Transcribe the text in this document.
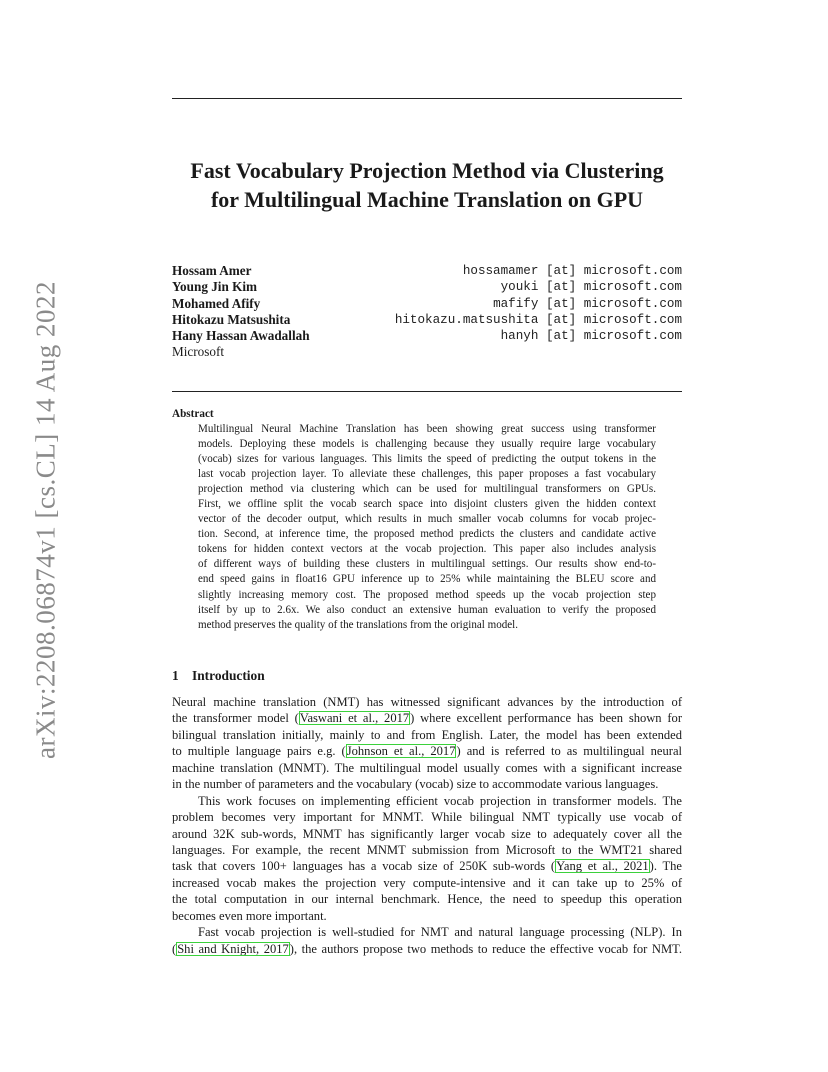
arXiv:2208.06874v1 [cs.CL] 14 Aug 2022
Fast Vocabulary Projection Method via Clustering
for Multilingual Machine Translation on GPU
Hossam Amer	hossamamer [at] microsoft.com
Young Jin Kim	youki [at] microsoft.com
Mohamed Afify	mafify [at] microsoft.com
Hitokazu Matsushita	hitokazu.matsushita [at] microsoft.com
Hany Hassan Awadallah	hanyh [at] microsoft.com
Microsoft
Abstract
Multilingual Neural Machine Translation has been showing great success using transformer
models. Deploying these models is challenging because they usually require large vocabulary
(vocab) sizes for various languages. This limits the speed of predicting the output tokens in the
last vocab projection layer. To alleviate these challenges, this paper proposes a fast vocabulary
projection method via clustering which can be used for multilingual transformers on GPUs.
First, we offline split the vocab search space into disjoint clusters given the hidden context
vector of the decoder output, which results in much smaller vocab columns for vocab projec-
tion. Second, at inference time, the proposed method predicts the clusters and candidate active
tokens for hidden context vectors at the vocab projection. This paper also includes analysis
of different ways of building these clusters in multilingual settings. Our results show end-to-
end speed gains in float16 GPU inference up to 25% while maintaining the BLEU score and
slightly increasing memory cost. The proposed method speeds up the vocab projection step
itself by up to 2.6x. We also conduct an extensive human evaluation to verify the proposed
method preserves the quality of the translations from the original model.
1 Introduction
Neural machine translation (NMT) has witnessed significant advances by the introduction of
the transformer model (Vaswani et al., 2017) where excellent performance has been shown for
bilingual translation initially, mainly to and from English. Later, the model has been extended
to multiple language pairs e.g. (Johnson et al., 2017) and is referred to as multilingual neural
machine translation (MNMT). The multilingual model usually comes with a significant increase
in the number of parameters and the vocabulary (vocab) size to accommodate various languages.
This work focuses on implementing efficient vocab projection in transformer models. The
problem becomes very important for MNMT. While bilingual NMT typically use vocab of
around 32K sub-words, MNMT has significantly larger vocab size to adequately cover all the
languages. For example, the recent MNMT submission from Microsoft to the WMT21 shared
task that covers 100+ languages has a vocab size of 250K sub-words (Yang et al., 2021). The
increased vocab makes the projection very compute-intensive and it can take up to 25% of
the total computation in our internal benchmark. Hence, the need to speedup this operation
becomes even more important.
Fast vocab projection is well-studied for NMT and natural language processing (NLP). In
(Shi and Knight, 2017), the authors propose two methods to reduce the effective vocab for NMT.
